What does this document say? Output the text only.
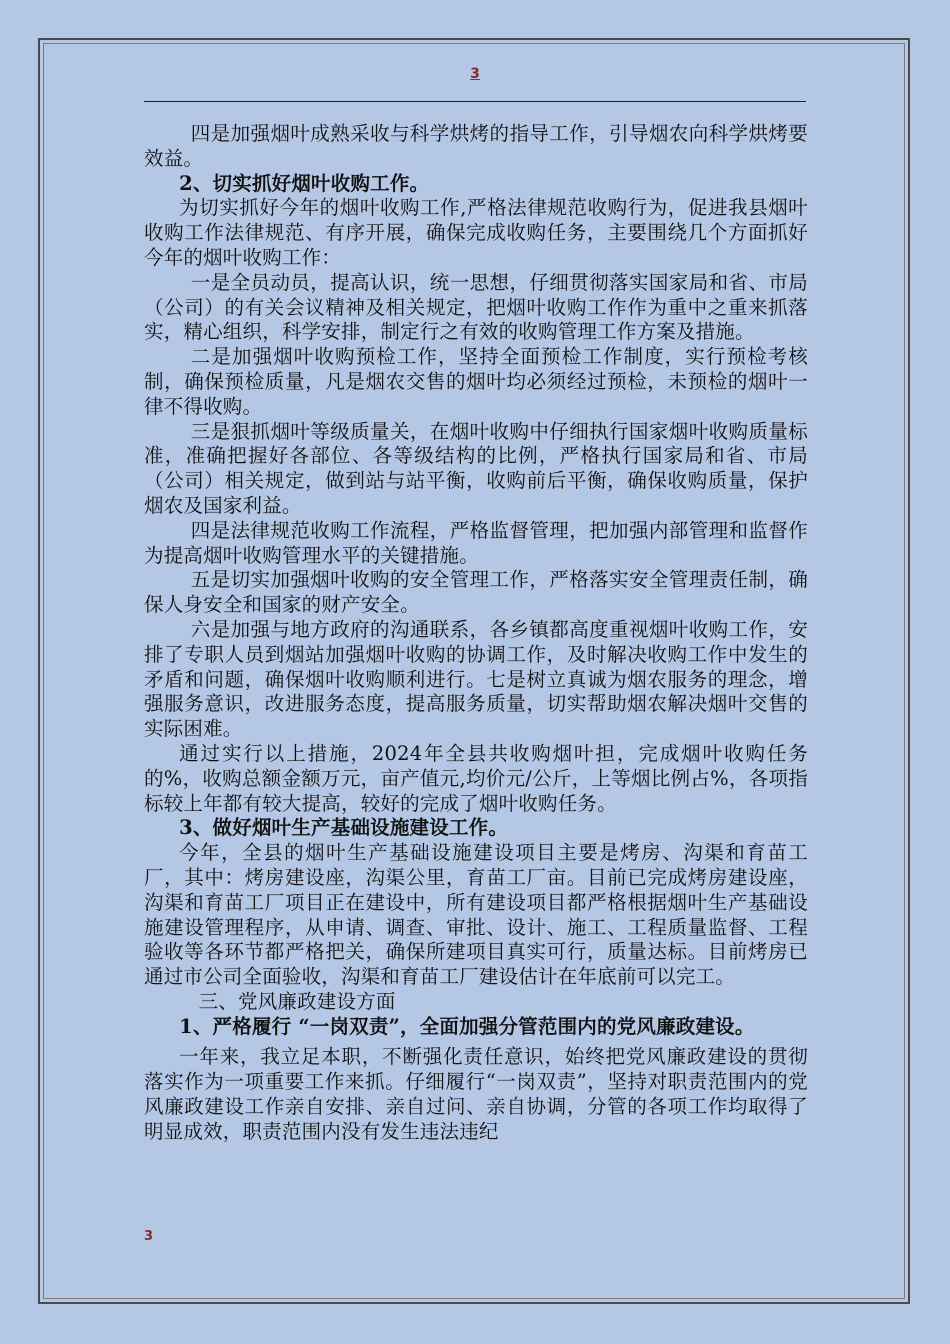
3

四是加强烟叶成熟采收与科学烘烤的指导工作，引导烟农向科学烘烤要效益。

2、切实抓好烟叶收购工作。

为切实抓好今年的烟叶收购工作,严格法律规范收购行为，促进我县烟叶收购工作法律规范、有序开展，确保完成收购任务，主要围绕几个方面抓好今年的烟叶收购工作：

一是全员动员，提高认识，统一思想，仔细贯彻落实国家局和省、市局（公司）的有关会议精神及相关规定，把烟叶收购工作作为重中之重来抓落实，精心组织，科学安排，制定行之有效的收购管理工作方案及措施。

二是加强烟叶收购预检工作，坚持全面预检工作制度，实行预检考核制，确保预检质量，凡是烟农交售的烟叶均必须经过预检，未预检的烟叶一律不得收购。

三是狠抓烟叶等级质量关，在烟叶收购中仔细执行国家烟叶收购质量标准，准确把握好各部位、各等级结构的比例，严格执行国家局和省、市局（公司）相关规定，做到站与站平衡，收购前后平衡，确保收购质量，保护烟农及国家利益。

四是法律规范收购工作流程，严格监督管理，把加强内部管理和监督作为提高烟叶收购管理水平的关键措施。

五是切实加强烟叶收购的安全管理工作，严格落实安全管理责任制，确保人身安全和国家的财产安全。

六是加强与地方政府的沟通联系，各乡镇都高度重视烟叶收购工作，安排了专职人员到烟站加强烟叶收购的协调工作，及时解决收购工作中发生的矛盾和问题，确保烟叶收购顺利进行。七是树立真诚为烟农服务的理念，增强服务意识，改进服务态度，提高服务质量，切实帮助烟农解决烟叶交售的实际困难。

通过实行以上措施，2024年全县共收购烟叶担，完成烟叶收购任务的%，收购总额金额万元，亩产值元,均价元/公斤，上等烟比例占%，各项指标较上年都有较大提高，较好的完成了烟叶收购任务。

3、做好烟叶生产基础设施建设工作。

今年，全县的烟叶生产基础设施建设项目主要是烤房、沟渠和育苗工厂，其中：烤房建设座，沟渠公里，育苗工厂亩。目前已完成烤房建设座，沟渠和育苗工厂项目正在建设中，所有建设项目都严格根据烟叶生产基础设施建设管理程序，从申请、调查、审批、设计、施工、工程质量监督、工程验收等各环节都严格把关，确保所建项目真实可行，质量达标。目前烤房已通过市公司全面验收，沟渠和育苗工厂建设估计在年底前可以完工。

三、党风廉政建设方面

1、严格履行 “一岗双责”，全面加强分管范围内的党风廉政建设。

一年来，我立足本职，不断强化责任意识，始终把党风廉政建设的贯彻落实作为一项重要工作来抓。仔细履行“一岗双责”，坚持对职责范围内的党风廉政建设工作亲自安排、亲自过问、亲自协调，分管的各项工作均取得了明显成效，职责范围内没有发生违法违纪

3
